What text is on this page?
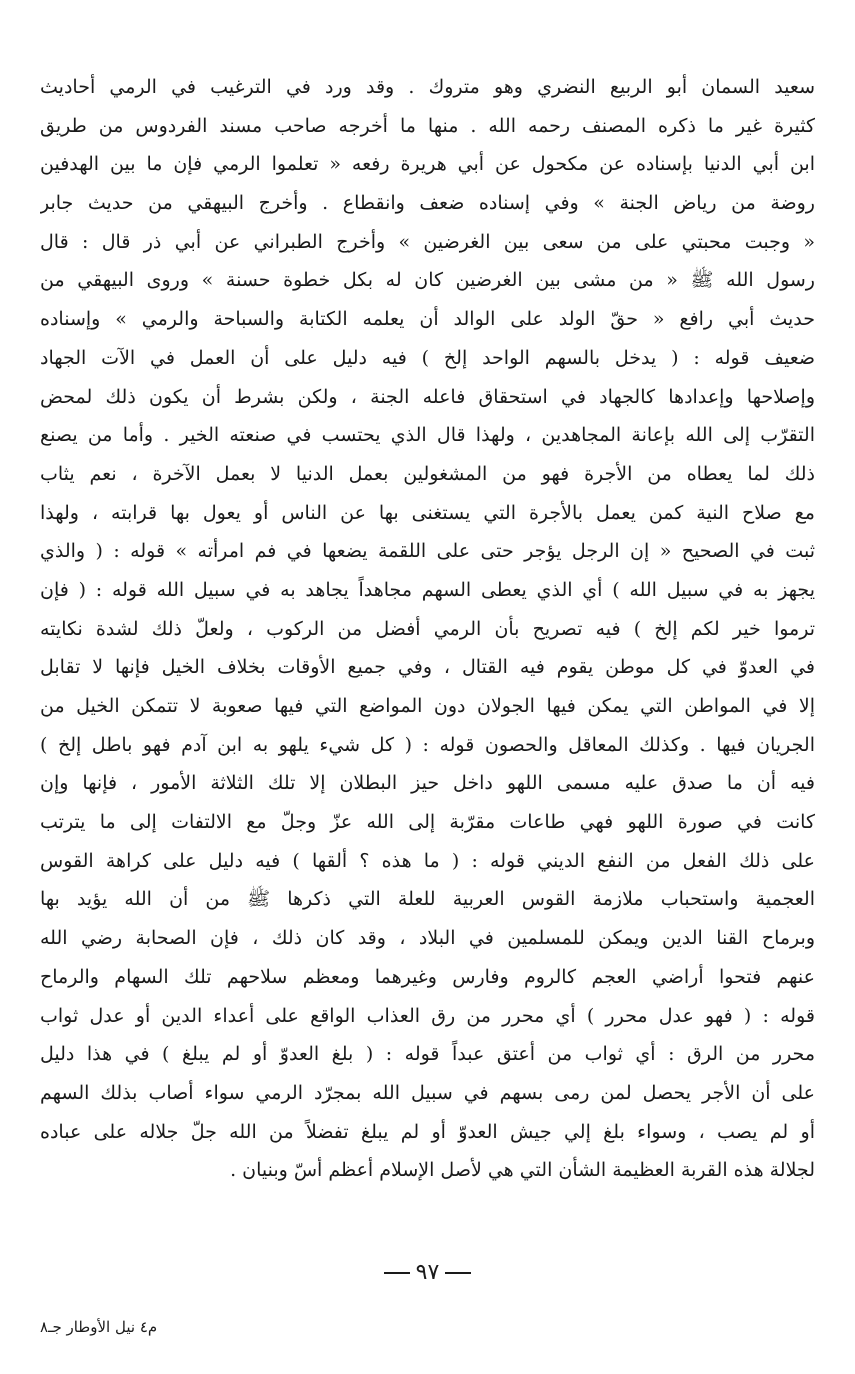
سعيد السمان أبو الربيع النضري وهو متروك . وقد ورد في الترغيب في الرمي أحاديث
كثيرة غير ما ذكره المصنف رحمه الله . منها ما أخرجه صاحب مسند الفردوس من طريق
ابن أبي الدنيا بإسناده عن مكحول عن أبي هريرة رفعه « تعلموا الرمي فإن ما بين الهدفين
روضة من رياض الجنة » وفي إسناده ضعف وانقطاع . وأخرج البيهقي من حديث جابر
« وجبت محبتي على من سعى بين الغرضين » وأخرج الطبراني عن أبي ذر قال : قال
رسول الله ﷺ « من مشى بين الغرضين كان له بكل خطوة حسنة » وروى البيهقي من
حديث أبي رافع « حقّ الولد على الوالد أن يعلمه الكتابة والسباحة والرمي » وإسناده
ضعيف قوله : ( يدخل بالسهم الواحد إلخ ) فيه دليل على أن العمل في الآت الجهاد
وإصلاحها وإعدادها كالجهاد في استحقاق فاعله الجنة ، ولكن بشرط أن يكون ذلك لمحض
التقرّب إلى الله بإعانة المجاهدين ، ولهذا قال الذي يحتسب في صنعته الخير . وأما من يصنع
ذلك لما يعطاه من الأجرة فهو من المشغولين بعمل الدنيا لا بعمل الآخرة ، نعم يثاب
مع صلاح النية كمن يعمل بالأجرة التي يستغنى بها عن الناس أو يعول بها قرابته ، ولهذا
ثبت في الصحيح « إن الرجل يؤجر حتى على اللقمة يضعها في فم امرأته » قوله : ( والذي
يجهز به في سبيل الله ) أي الذي يعطى السهم مجاهداً يجاهد به في سبيل الله قوله : ( فإن
ترموا خير لكم إلخ ) فيه تصريح بأن الرمي أفضل من الركوب ، ولعلّ ذلك لشدة نكايته
في العدوّ في كل موطن يقوم فيه القتال ، وفي جميع الأوقات بخلاف الخيل فإنها لا تقابل
إلا في المواطن التي يمكن فيها الجولان دون المواضع التي فيها صعوبة لا تتمكن الخيل من
الجريان فيها . وكذلك المعاقل والحصون قوله : ( كل شيء يلهو به ابن آدم فهو باطل إلخ )
فيه أن ما صدق عليه مسمى اللهو داخل حيز البطلان إلا تلك الثلاثة الأمور ، فإنها وإن
كانت في صورة اللهو فهي طاعات مقرّبة إلى الله عزّ وجلّ مع الالتفات إلى ما يترتب
على ذلك الفعل من النفع الديني قوله : ( ما هذه ؟ ألقها ) فيه دليل على كراهة القوس
العجمية واستحباب ملازمة القوس العربية للعلة التي ذكرها ﷺ من أن الله يؤيد بها
وبرماح القنا الدين ويمكن للمسلمين في البلاد ، وقد كان ذلك ، فإن الصحابة رضي الله
عنهم فتحوا أراضي العجم كالروم وفارس وغيرهما ومعظم سلاحهم تلك السهام والرماح
قوله : ( فهو عدل محرر ) أي محرر من رق العذاب الواقع على أعداء الدين أو عدل ثواب
محرر من الرق : أي ثواب من أعتق عبداً قوله : ( بلغ العدوّ أو لم يبلغ ) في هذا دليل
على أن الأجر يحصل لمن رمى بسهم في سبيل الله بمجرّد الرمي سواء أصاب بذلك السهم
أو لم يصب ، وسواء بلغ إلي جيش العدوّ أو لم يبلغ تفضلاً من الله جلّ جلاله على عباده
لجلالة هذه القربة العظيمة الشأن التي هي لأصل الإسلام أعظم أسّ وبنيان .
٩٧
م٤ نيل الأوطار جـ٨
